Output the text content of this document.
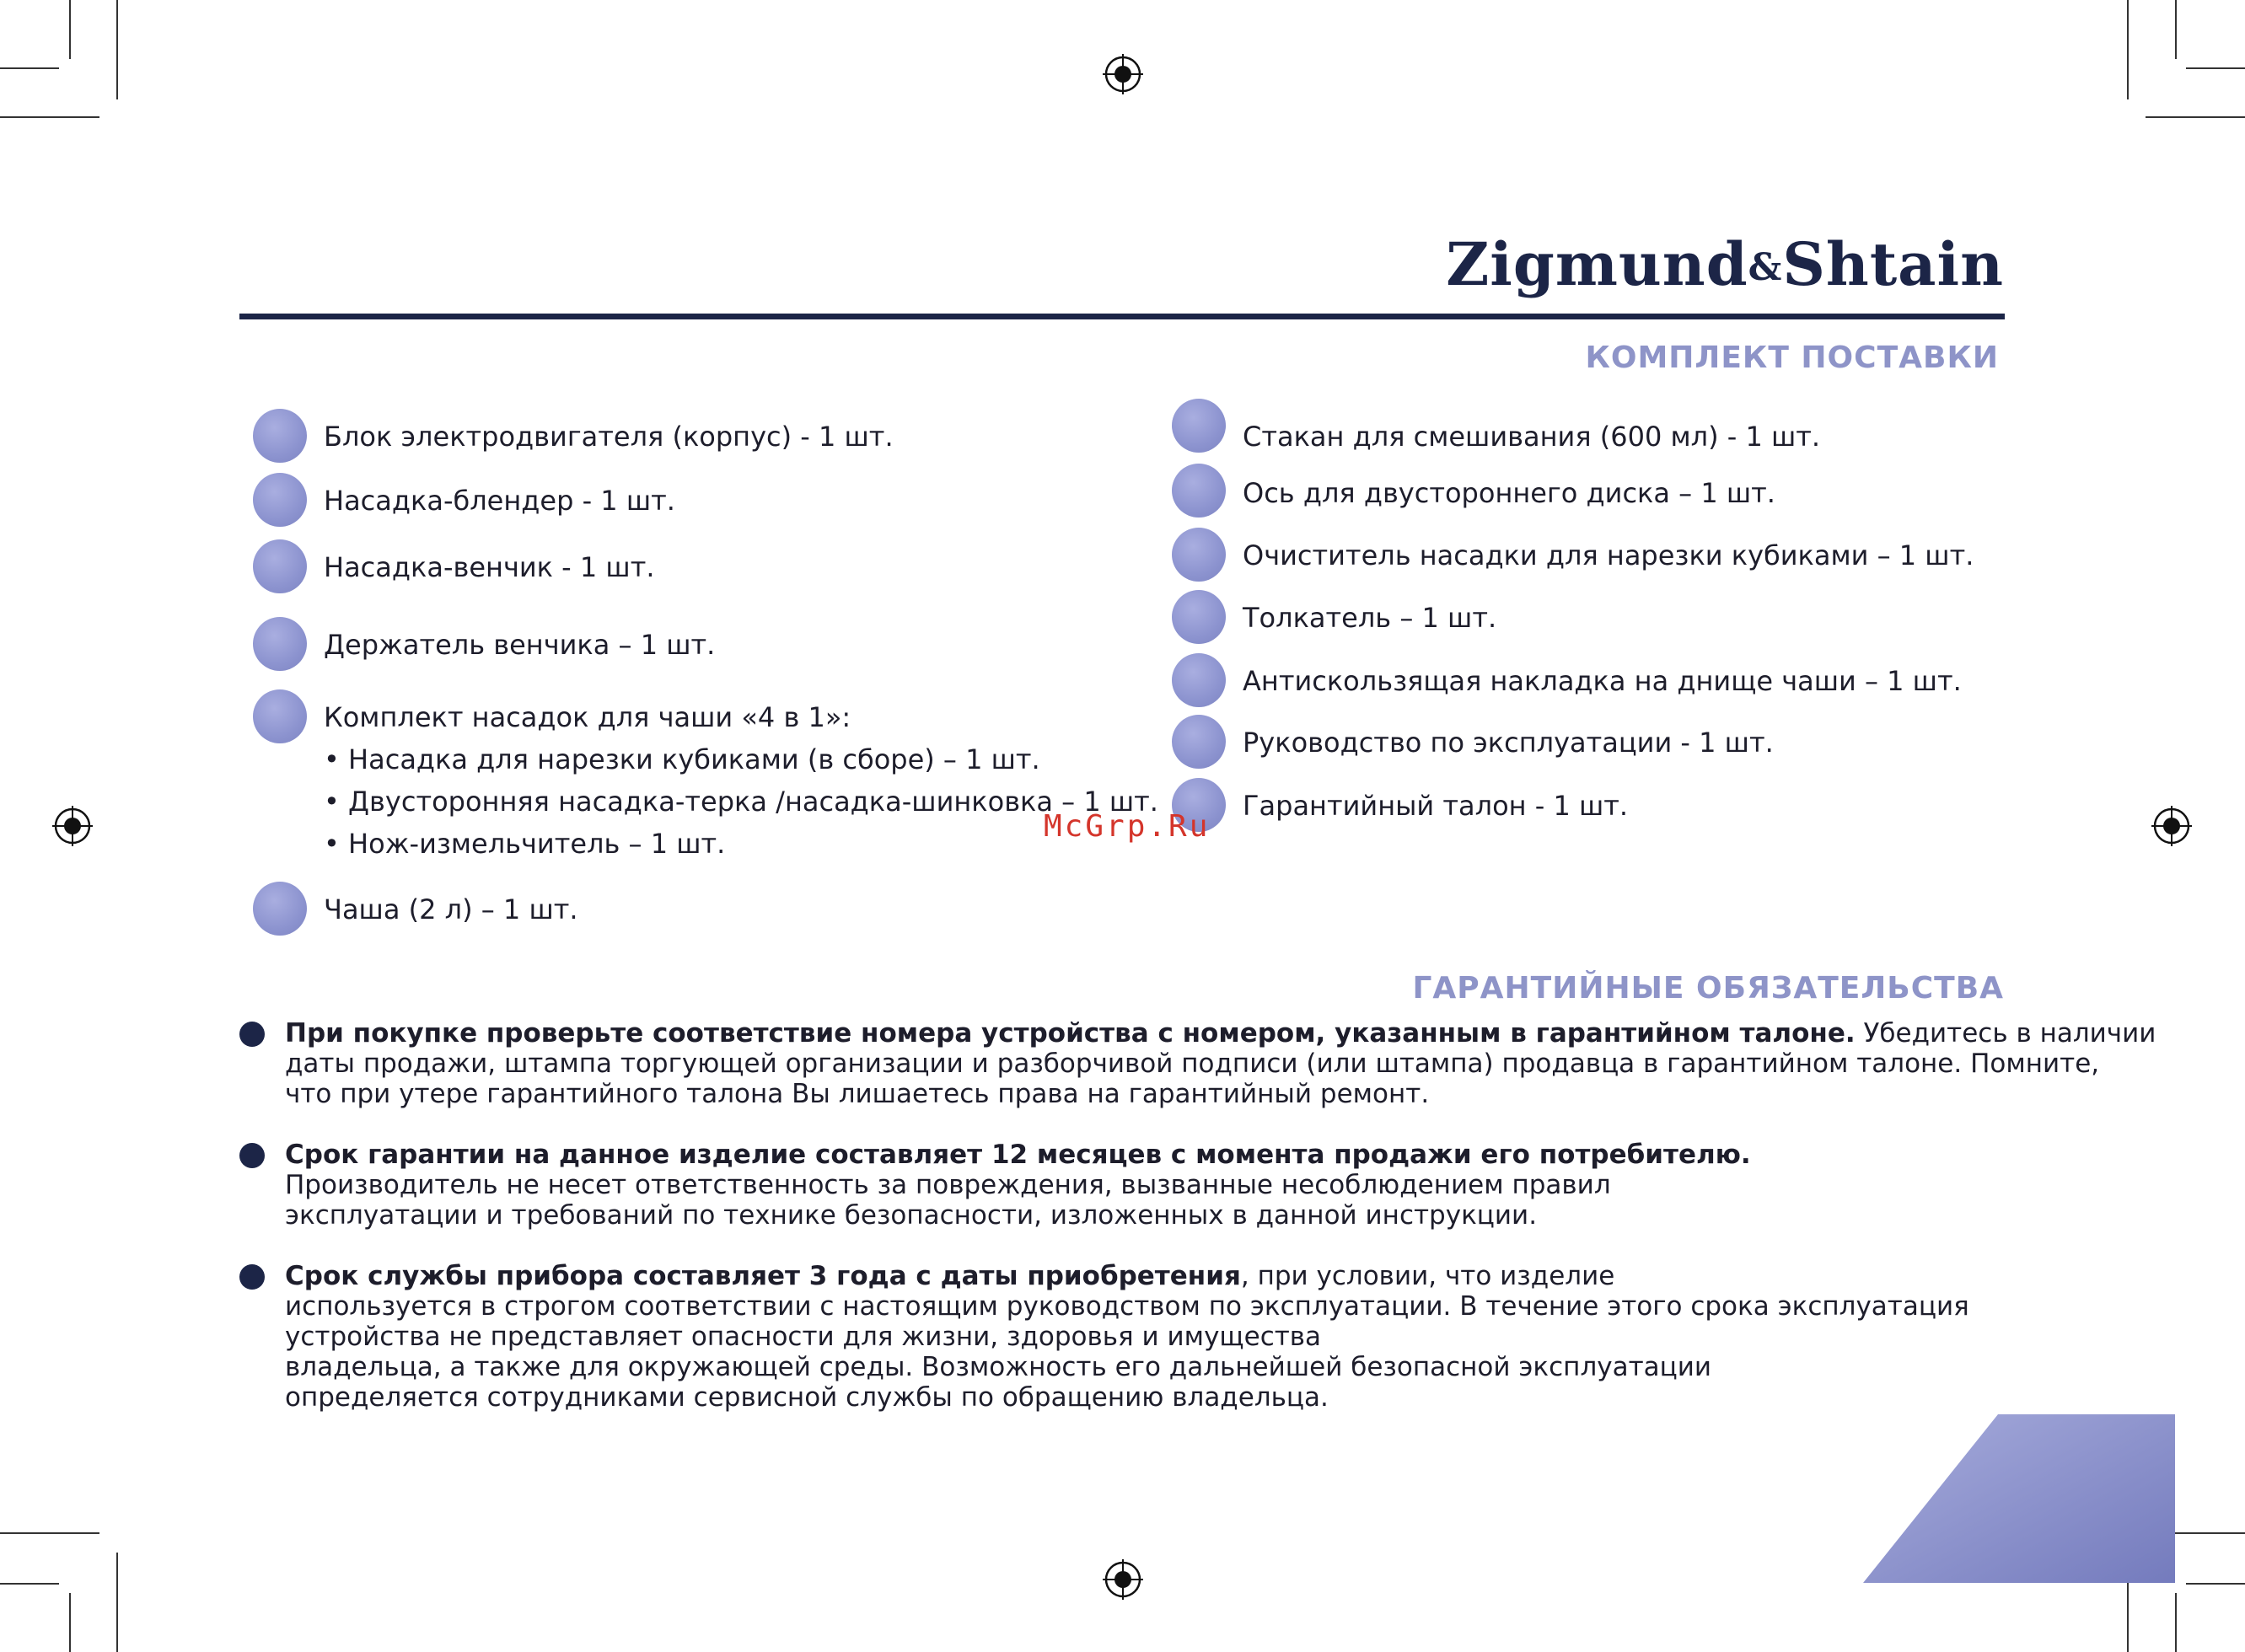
Zigmund&Shtain
КОМПЛЕКТ ПОСТАВКИ
Блок электродвигателя (корпус) - 1 шт.
Насадка-блендер - 1 шт.
Насадка-венчик - 1 шт.
Держатель венчика – 1 шт.
Комплект насадок для чаши «4 в 1»:
• Насадка для нарезки кубиками (в сборе) – 1 шт.
• Двусторонняя насадка-терка /насадка-шинковка – 1 шт.
• Нож-измельчитель – 1 шт.
Чаша (2 л) – 1 шт.
Стакан для смешивания (600 мл) - 1 шт.
Ось для двустороннего диска – 1 шт.
Очиститель насадки для нарезки кубиками – 1 шт.
Толкатель – 1 шт.
Антискользящая накладка на днище чаши – 1 шт.
Руководство по эксплуатации - 1 шт.
Гарантийный талон - 1 шт.
McGrp.Ru
ГАРАНТИЙНЫЕ ОБЯЗАТЕЛЬСТВА
При покупке проверьте соответствие номера устройства с номером, указанным в гарантийном талоне. Убедитесь в наличии
даты продажи, штампа торгующей организации и разборчивой подписи (или штампа) продавца в гарантийном талоне. Помните,
что при утере гарантийного талона Вы лишаетесь права на гарантийный ремонт.
Срок гарантии на данное изделие составляет 12 месяцев с момента продажи его потребителю.
Производитель не несет ответственность за повреждения, вызванные несоблюдением правил
эксплуатации и требований по технике безопасности, изложенных в данной инструкции.
Срок службы прибора составляет 3 года с даты приобретения, при условии, что изделие
используется в строгом соответствии с настоящим руководством по эксплуатации. В течение этого срока эксплуатация
устройства не представляет опасности для жизни, здоровья и имущества
владельца, а также для окружающей среды. Возможность его дальнейшей безопасной эксплуатации
определяется сотрудниками сервисной службы по обращению владельца.
